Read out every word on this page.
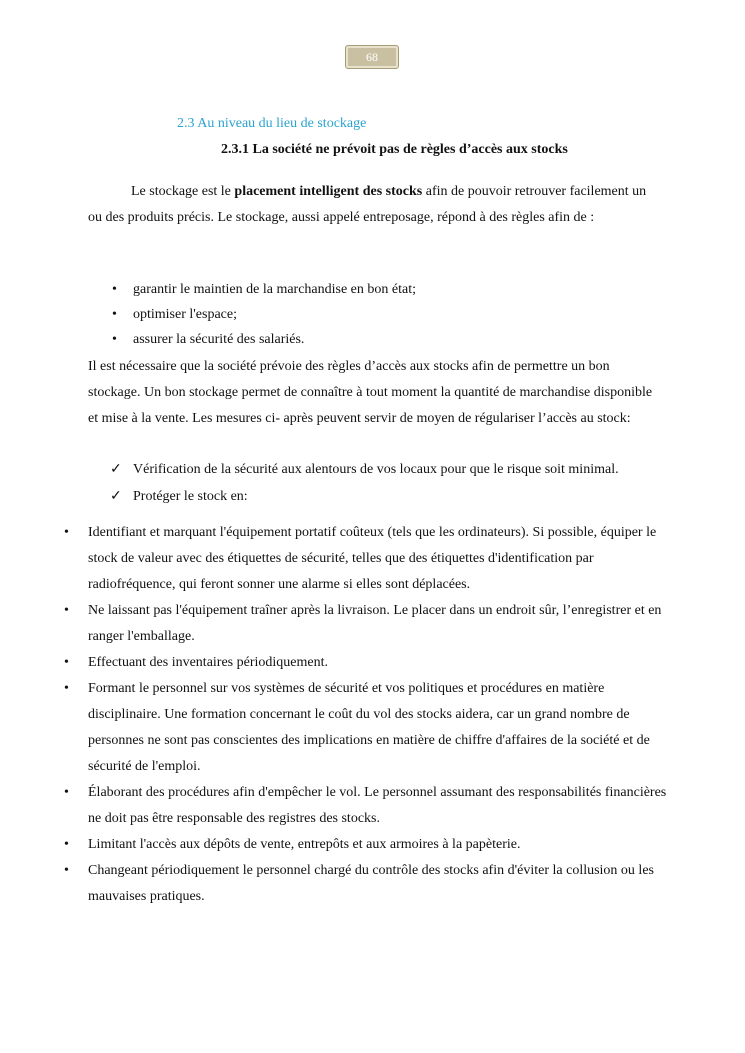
68
2.3 Au niveau du lieu de stockage
2.3.1 La société ne prévoit pas de règles d’accès aux stocks

Le stockage est le placement intelligent des stocks afin de pouvoir retrouver facilement un ou des produits précis. Le stockage, aussi appelé entreposage, répond à des règles afin de :

• garantir le maintien de la marchandise en bon état;
• optimiser l'espace;
• assurer la sécurité des salariés.

Il est nécessaire que la société prévoie des règles d’accès aux stocks afin de permettre un bon stockage. Un bon stockage permet de connaître à tout moment la quantité de marchandise disponible et mise à la vente. Les mesures ci- après peuvent servir de moyen de régulariser l’accès au stock:

✓ Vérification de la sécurité aux alentours de vos locaux pour que le risque soit minimal.
✓ Protéger le stock en:
• Identifiant et marquant l'équipement portatif coûteux (tels que les ordinateurs). Si possible, équiper le stock de valeur avec des étiquettes de sécurité, telles que des étiquettes d'identification par radiofréquence, qui feront sonner une alarme si elles sont déplacées.
• Ne laissant pas l'équipement traîner après la livraison. Le placer dans un endroit sûr, l’enregistrer et en ranger l'emballage.
• Effectuant des inventaires périodiquement.
• Formant le personnel sur vos systèmes de sécurité et vos politiques et procédures en matière disciplinaire. Une formation concernant le coût du vol des stocks aidera, car un grand nombre de personnes ne sont pas conscientes des implications en matière de chiffre d'affaires de la société et de sécurité de l'emploi.
• Élaborant des procédures afin d'empêcher le vol. Le personnel assumant des responsabilités financières ne doit pas être responsable des registres des stocks.
• Limitant l'accès aux dépôts de vente, entrepôts et aux armoires à la papèterie.
• Changeant périodiquement le personnel chargé du contrôle des stocks afin d'éviter la collusion ou les mauvaises pratiques.
